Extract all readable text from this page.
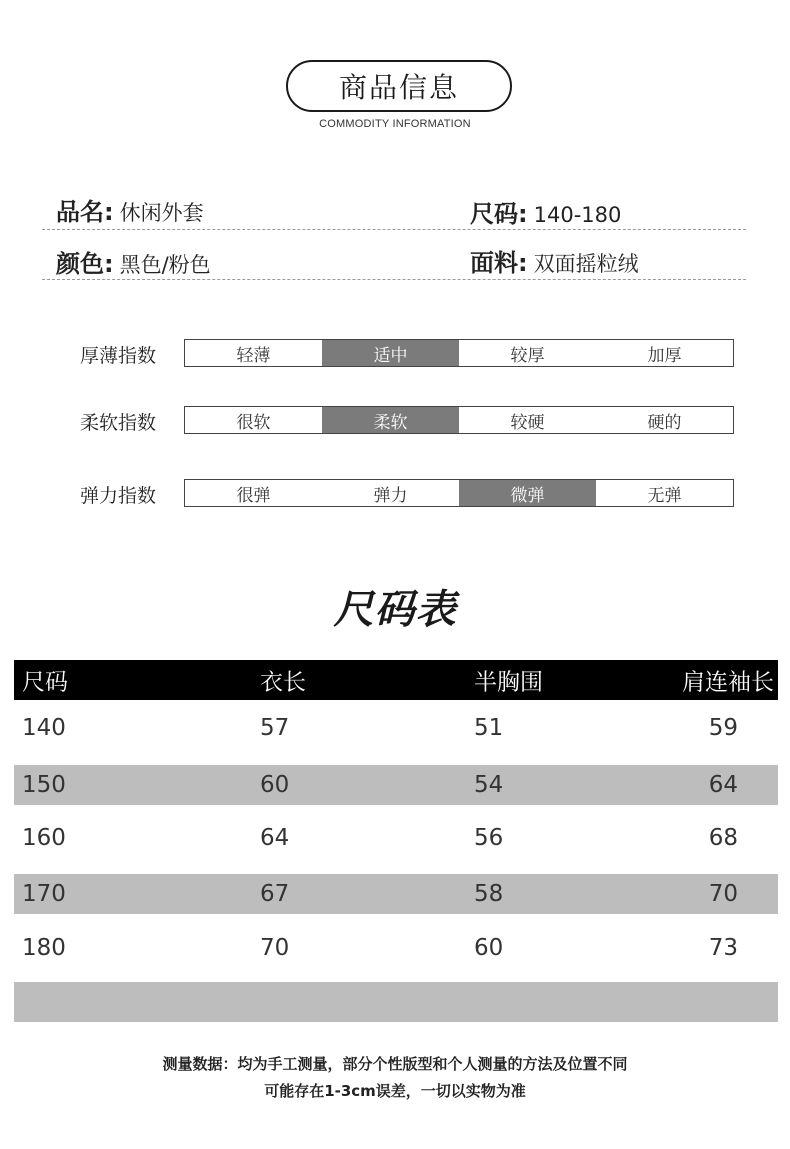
商品信息
COMMODITY INFORMATION
品名: 休闲外套	尺码: 140-180
颜色: 黑色/粉色	面料: 双面摇粒绒
厚薄指数	轻薄	适中	较厚	加厚
柔软指数	很软	柔软	较硬	硬的
弹力指数	很弹	弹力	微弹	无弹
尺码表
尺码	衣长	半胸围	肩连袖长
140	57	51	59
150	60	54	64
160	64	56	68
170	67	58	70
180	70	60	73
测量数据：均为手工测量，部分个性版型和个人测量的方法及位置不同
可能存在1-3cm误差，一切以实物为准
